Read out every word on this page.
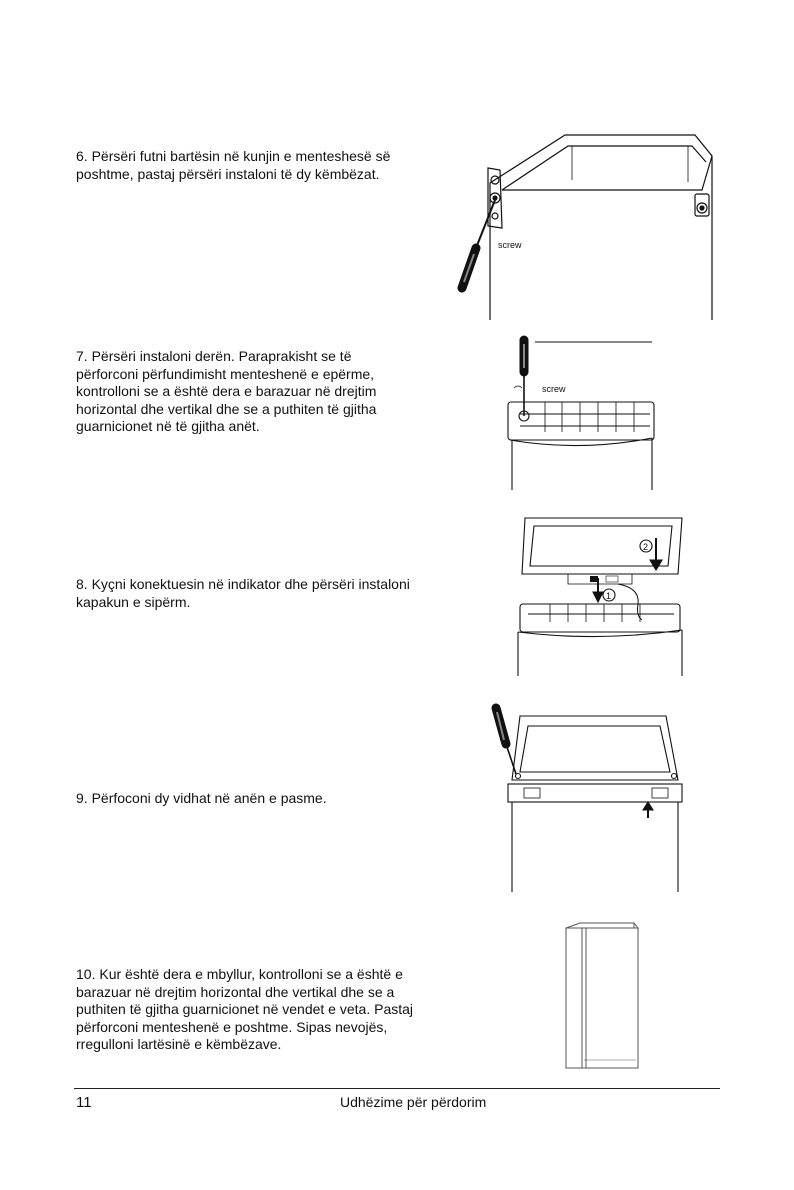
6. Përsëri futni bartësin në kunjin e menteshesë së poshtme, pastaj përsëri instaloni të dy këmbëzat.

screw

7. Përsëri instaloni derën. Paraprakisht se të përforconi përfundimisht menteshenë e epërme, kontrolloni se a është dera e barazuar në drejtim horizontal dhe vertikal dhe se a puthiten të gjitha guarnicionet në të gjitha anët.

screw

8. Kyçni konektuesin në indikator dhe përsëri instaloni kapakun e sipërm.

2
1

9. Përfoconi dy vidhat në anën e pasme.

10. Kur është dera e mbyllur, kontrolloni se a është e barazuar në drejtim horizontal dhe vertikal dhe se a puthiten të gjitha guarnicionet në vendet e veta. Pastaj përforconi menteshenë e poshtme. Sipas nevojës, rregulloni lartësinë e këmbëzave.

11	Udhëzime për përdorim
